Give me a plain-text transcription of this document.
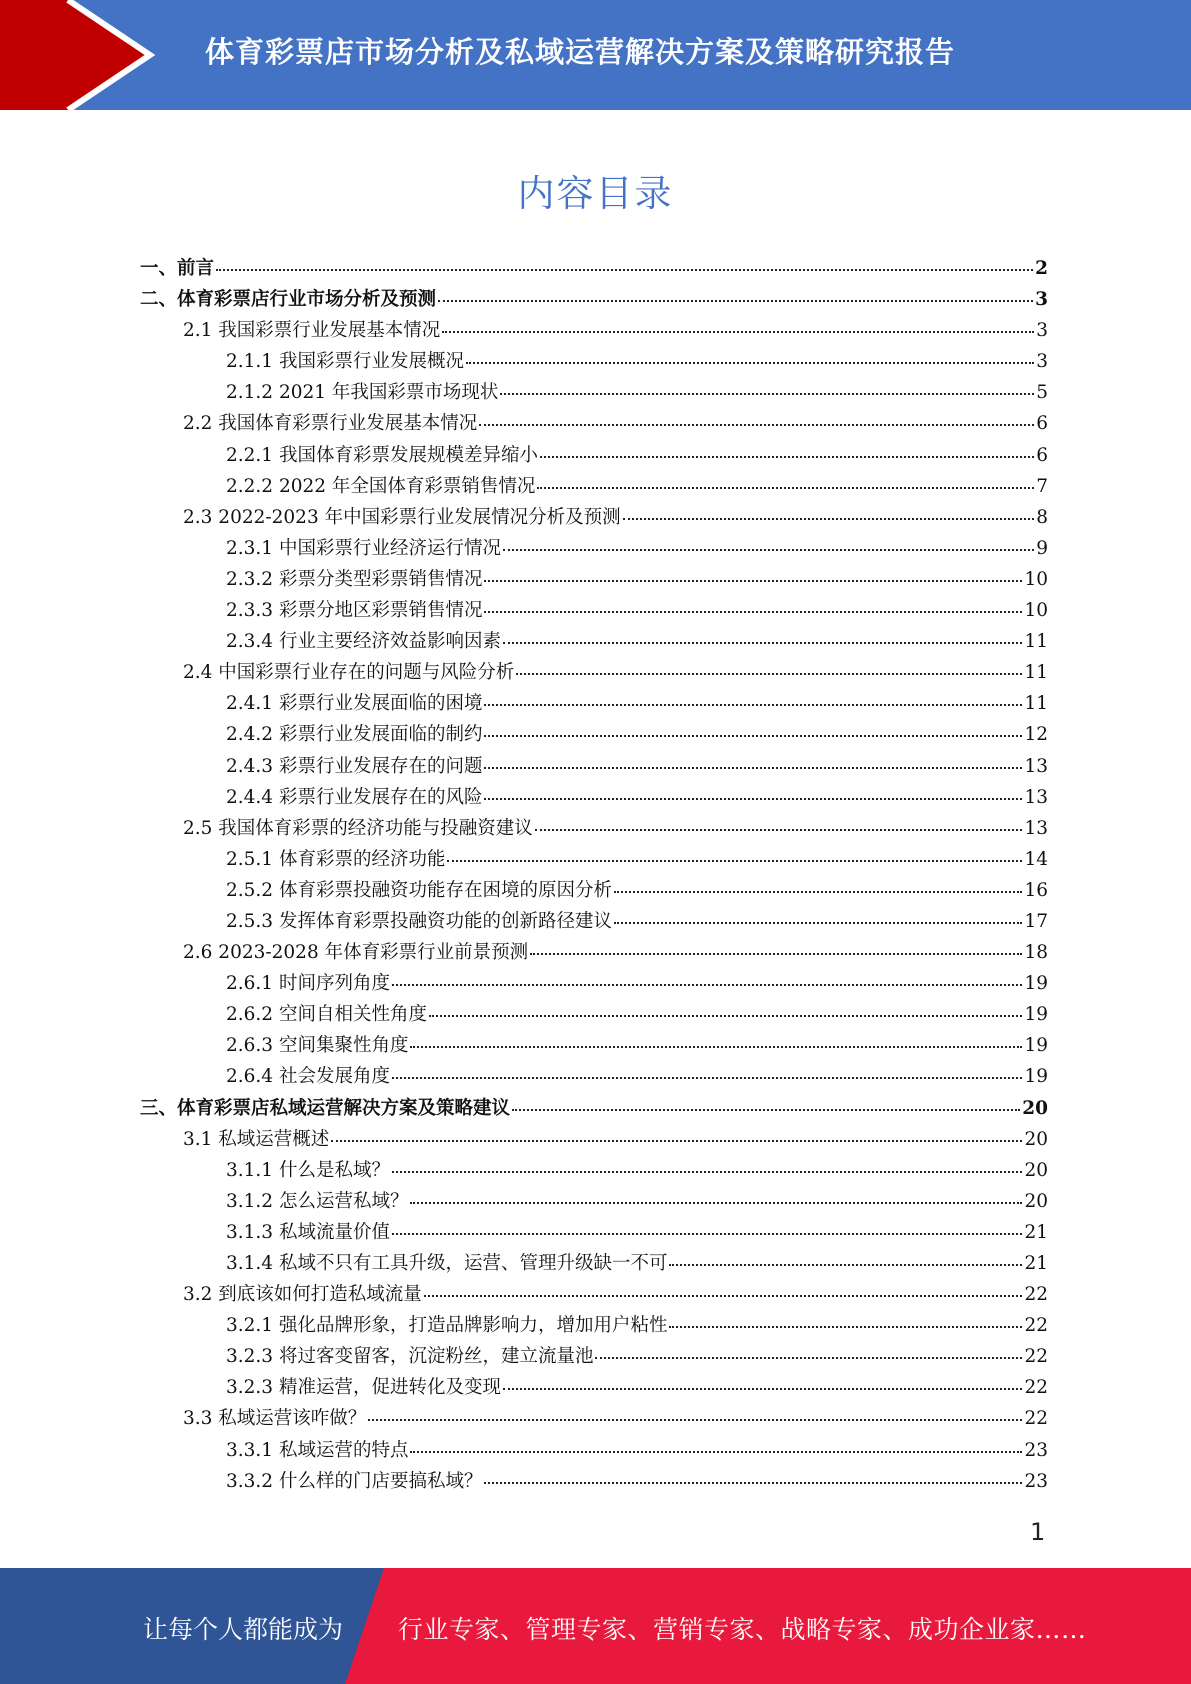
体育彩票店市场分析及私域运营解决方案及策略研究报告
内容目录
一、前言	2
二、体育彩票店行业市场分析及预测	3
2.1 我国彩票行业发展基本情况	3
2.1.1 我国彩票行业发展概况	3
2.1.2 2021 年我国彩票市场现状	5
2.2 我国体育彩票行业发展基本情况	6
2.2.1 我国体育彩票发展规模差异缩小	6
2.2.2 2022 年全国体育彩票销售情况	7
2.3 2022-2023 年中国彩票行业发展情况分析及预测	8
2.3.1 中国彩票行业经济运行情况	9
2.3.2 彩票分类型彩票销售情况	10
2.3.3 彩票分地区彩票销售情况	10
2.3.4 行业主要经济效益影响因素	11
2.4 中国彩票行业存在的问题与风险分析	11
2.4.1 彩票行业发展面临的困境	11
2.4.2 彩票行业发展面临的制约	12
2.4.3 彩票行业发展存在的问题	13
2.4.4 彩票行业发展存在的风险	13
2.5 我国体育彩票的经济功能与投融资建议	13
2.5.1 体育彩票的经济功能	14
2.5.2 体育彩票投融资功能存在困境的原因分析	16
2.5.3 发挥体育彩票投融资功能的创新路径建议	17
2.6 2023-2028 年体育彩票行业前景预测	18
2.6.1 时间序列角度	19
2.6.2 空间自相关性角度	19
2.6.3 空间集聚性角度	19
2.6.4 社会发展角度	19
三、体育彩票店私域运营解决方案及策略建议	20
3.1 私域运营概述	20
3.1.1 什么是私域？	20
3.1.2 怎么运营私域？	20
3.1.3 私域流量价值	21
3.1.4 私域不只有工具升级，运营、管理升级缺一不可	21
3.2 到底该如何打造私域流量	22
3.2.1 强化品牌形象，打造品牌影响力，增加用户粘性	22
3.2.3 将过客变留客，沉淀粉丝，建立流量池	22
3.2.3 精准运营，促进转化及变现	22
3.3 私域运营该咋做？	22
3.3.1 私域运营的特点	23
3.3.2 什么样的门店要搞私域？	23
1
让每个人都能成为 行业专家、管理专家、营销专家、战略专家、成功企业家……
